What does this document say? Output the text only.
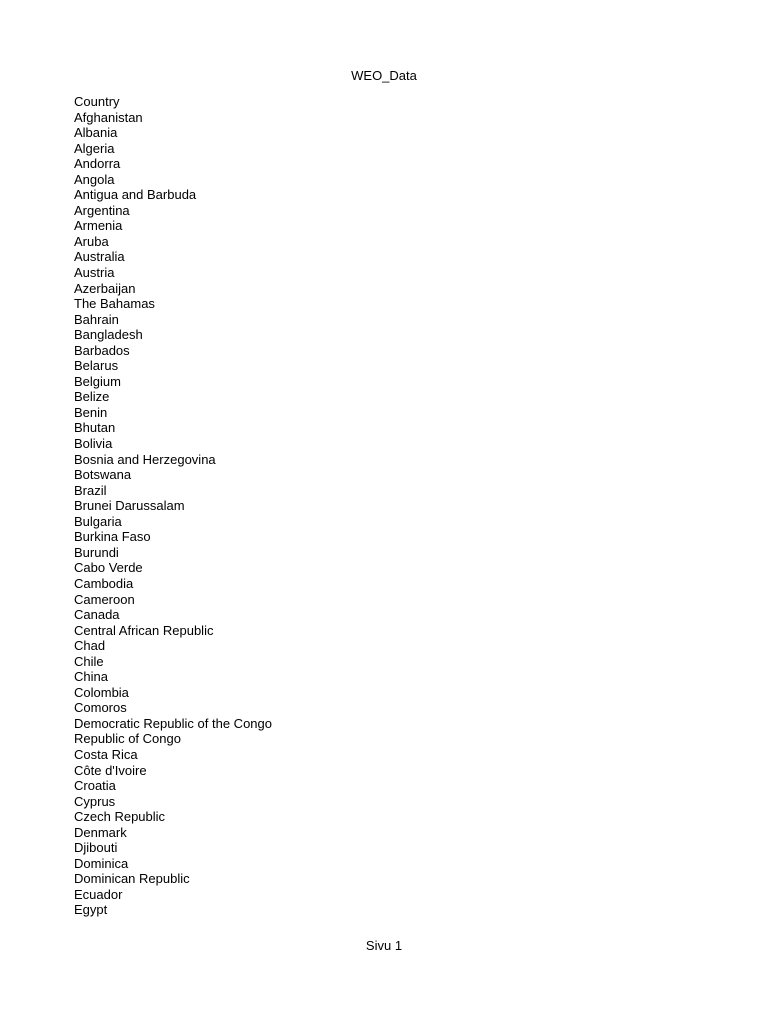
WEO_Data
Country
Afghanistan
Albania
Algeria
Andorra
Angola
Antigua and Barbuda
Argentina
Armenia
Aruba
Australia
Austria
Azerbaijan
The Bahamas
Bahrain
Bangladesh
Barbados
Belarus
Belgium
Belize
Benin
Bhutan
Bolivia
Bosnia and Herzegovina
Botswana
Brazil
Brunei Darussalam
Bulgaria
Burkina Faso
Burundi
Cabo Verde
Cambodia
Cameroon
Canada
Central African Republic
Chad
Chile
China
Colombia
Comoros
Democratic Republic of the Congo
Republic of Congo
Costa Rica
Côte d'Ivoire
Croatia
Cyprus
Czech Republic
Denmark
Djibouti
Dominica
Dominican Republic
Ecuador
Egypt
Sivu 1
